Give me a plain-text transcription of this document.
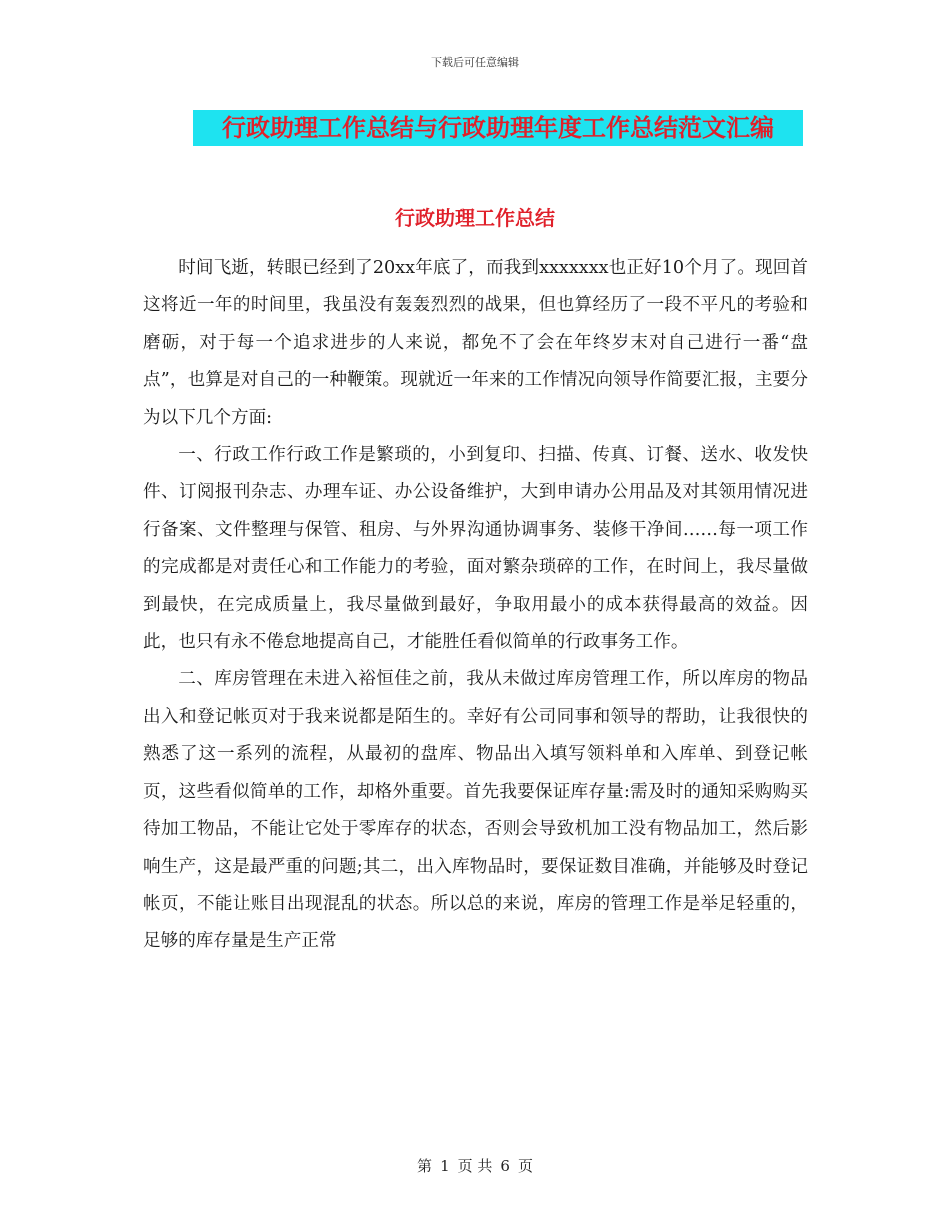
下载后可任意编辑
行政助理工作总结与行政助理年度工作总结范文汇编
行政助理工作总结

时间飞逝，转眼已经到了20xx年底了，而我到xxxxxxx也正好10个月了。现回首这将近一年的时间里，我虽没有轰轰烈烈的战果，但也算经历了一段不平凡的考验和磨砺，对于每一个追求进步的人来说，都免不了会在年终岁末对自己进行一番“盘点”，也算是对自己的一种鞭策。现就近一年来的工作情况向领导作简要汇报，主要分为以下几个方面:

一、行政工作行政工作是繁琐的，小到复印、扫描、传真、订餐、送水、收发快件、订阅报刊杂志、办理车证、办公设备维护，大到申请办公用品及对其领用情况进行备案、文件整理与保管、租房、与外界沟通协调事务、装修干净间……每一项工作的完成都是对责任心和工作能力的考验，面对繁杂琐碎的工作，在时间上，我尽量做到最快，在完成质量上，我尽量做到最好，争取用最小的成本获得最高的效益。因此，也只有永不倦怠地提高自己，才能胜任看似简单的行政事务工作。

二、库房管理在未进入裕恒佳之前，我从未做过库房管理工作，所以库房的物品出入和登记帐页对于我来说都是陌生的。幸好有公司同事和领导的帮助，让我很快的熟悉了这一系列的流程，从最初的盘库、物品出入填写领料单和入库单、到登记帐页，这些看似简单的工作，却格外重要。首先我要保证库存量:需及时的通知采购购买待加工物品，不能让它处于零库存的状态，否则会导致机加工没有物品加工，然后影响生产，这是最严重的问题;其二，出入库物品时，要保证数目准确，并能够及时登记帐页，不能让账目出现混乱的状态。所以总的来说，库房的管理工作是举足轻重的，足够的库存量是生产正常

第 1 页 共 6 页
